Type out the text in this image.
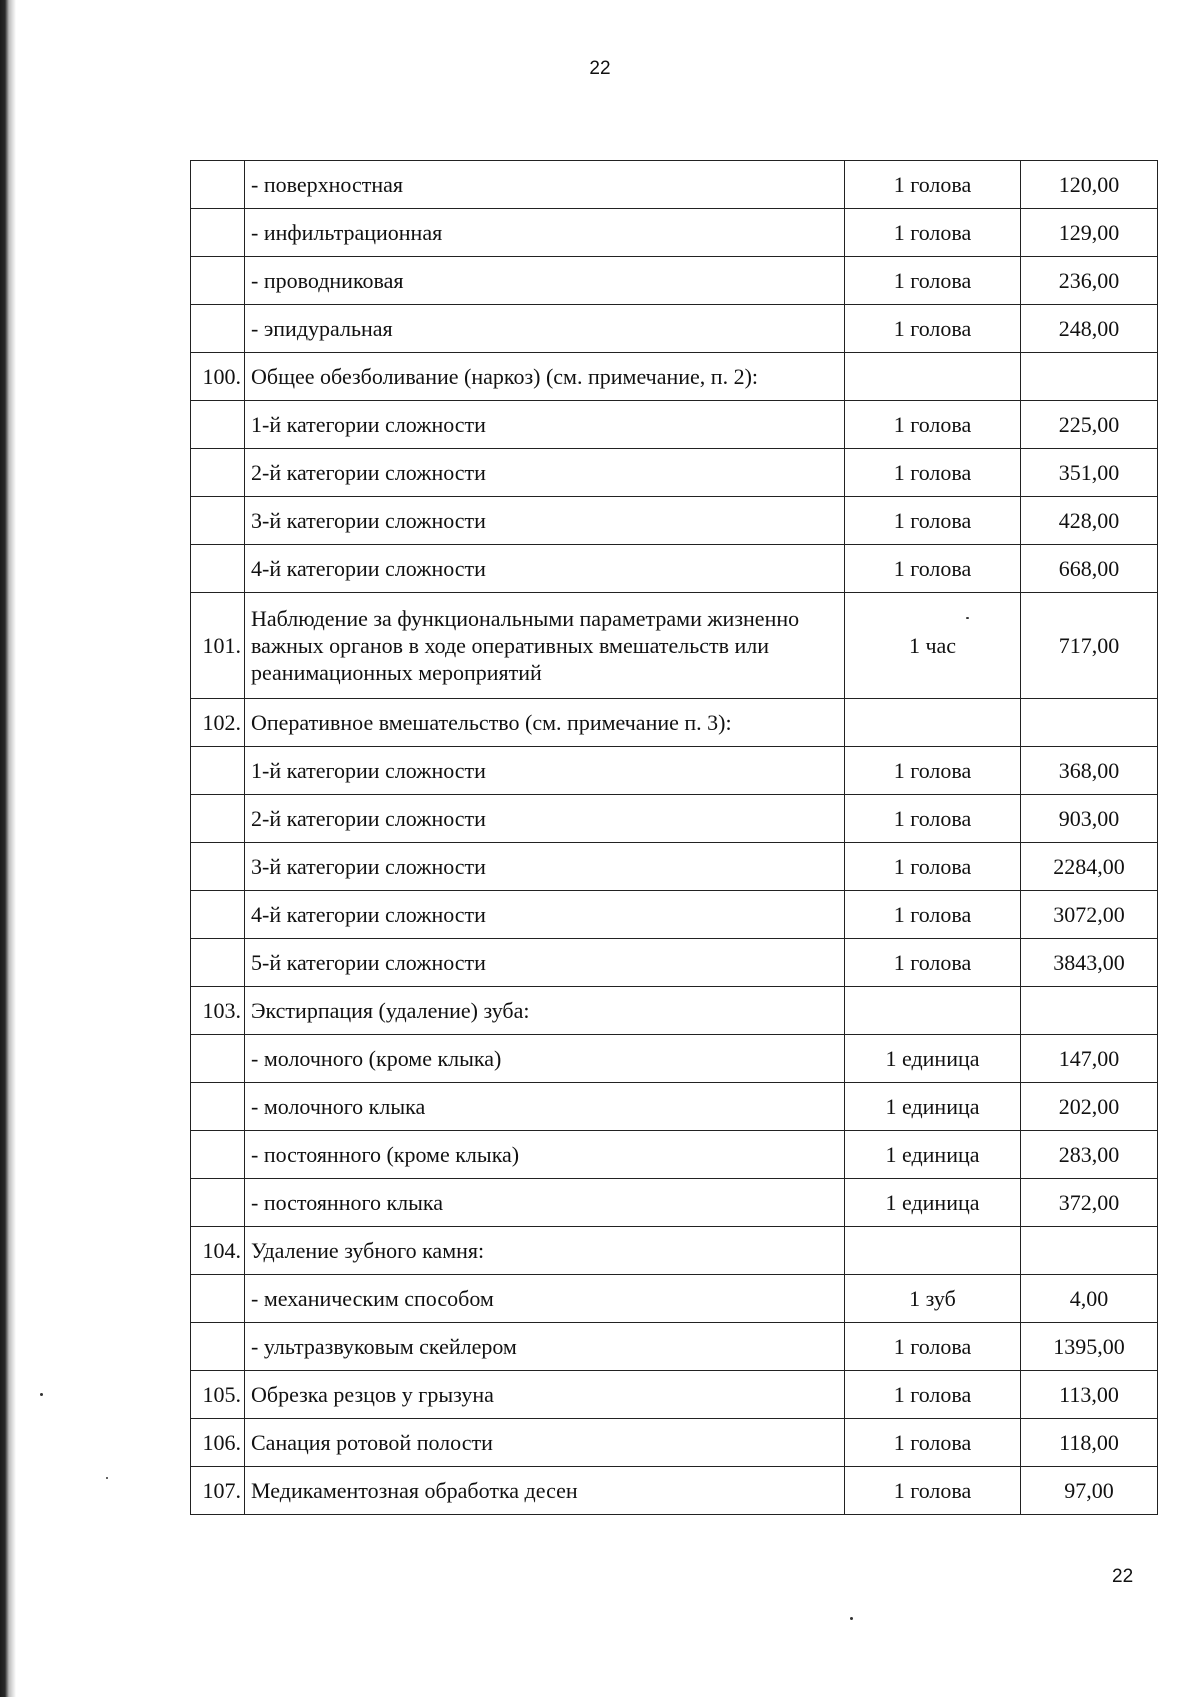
22
	- поверхностная	1 голова	120,00
	- инфильтрационная	1 голова	129,00
	- проводниковая	1 голова	236,00
	- эпидуральная	1 голова	248,00
100.	Общее обезболивание (наркоз) (см. примечание, п. 2):		
	1-й категории сложности	1 голова	225,00
	2-й категории сложности	1 голова	351,00
	3-й категории сложности	1 голова	428,00
	4-й категории сложности	1 голова	668,00
101.	Наблюдение за функциональными параметрами жизненно важных органов в ходе оперативных вмешательств или реанимационных мероприятий	1 час	717,00
102.	Оперативное вмешательство (см. примечание п. 3):		
	1-й категории сложности	1 голова	368,00
	2-й категории сложности	1 голова	903,00
	3-й категории сложности	1 голова	2284,00
	4-й категории сложности	1 голова	3072,00
	5-й категории сложности	1 голова	3843,00
103.	Экстирпация (удаление) зуба:		
	- молочного (кроме клыка)	1 единица	147,00
	- молочного клыка	1 единица	202,00
	- постоянного (кроме клыка)	1 единица	283,00
	- постоянного клыка	1 единица	372,00
104.	Удаление зубного камня:		
	- механическим способом	1 зуб	4,00
	- ультразвуковым скейлером	1 голова	1395,00
105.	Обрезка резцов у грызуна	1 голова	113,00
106.	Санация ротовой полости	1 голова	118,00
107.	Медикаментозная обработка десен	1 голова	97,00
22
